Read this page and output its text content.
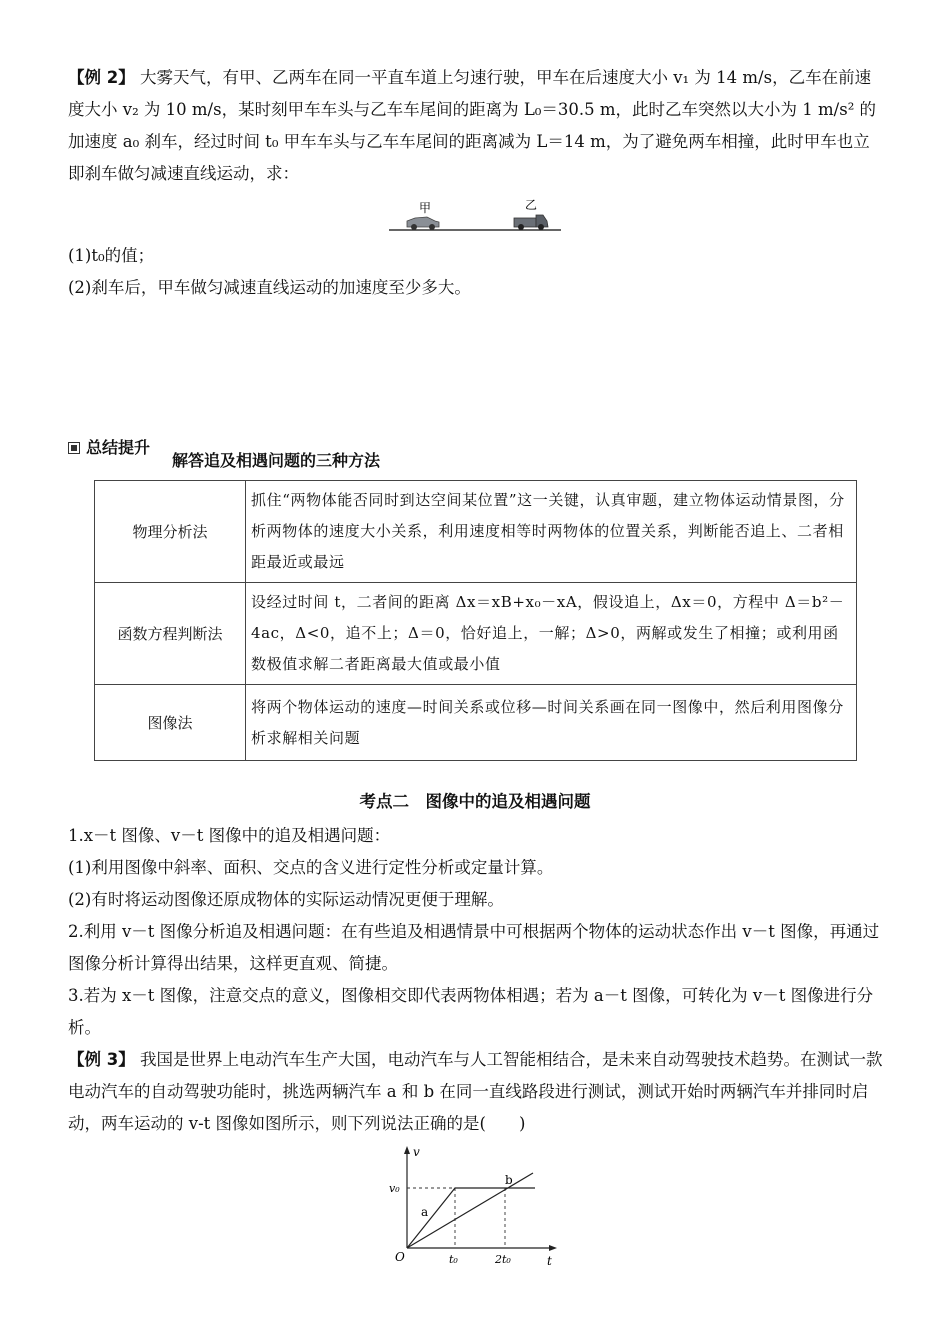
【例 2】 大雾天气，有甲、乙两车在同一平直车道上匀速行驶，甲车在后速度大小 v₁ 为 14 m/s，乙车在前速度大小 v₂ 为 10 m/s，某时刻甲车车头与乙车车尾间的距离为 L₀＝30.5 m，此时乙车突然以大小为 1 m/s² 的加速度 a₀ 刹车，经过时间 t₀ 甲车车头与乙车车尾间的距离减为 L＝14 m，为了避免两车相撞，此时甲车也立即刹车做匀减速直线运动，求：
甲	乙
(1)t₀的值；
(2)刹车后，甲车做匀减速直线运动的加速度至少多大。
总结提升
解答追及相遇问题的三种方法
物理分析法	抓住“两物体能否同时到达空间某位置”这一关键，认真审题，建立物体运动情景图，分析两物体的速度大小关系，利用速度相等时两物体的位置关系，判断能否追上、二者相距最近或最远
函数方程判断法	设经过时间 t，二者间的距离 Δx＝xB+x₀－xA，假设追上，Δx＝0，方程中 Δ＝b²－4ac，Δ<0，追不上；Δ＝0，恰好追上，一解；Δ>0，两解或发生了相撞；或利用函数极值求解二者距离最大值或最小值
图像法	将两个物体运动的速度—时间关系或位移—时间关系画在同一图像中，然后利用图像分析求解相关问题
考点二　图像中的追及相遇问题
1.x－t 图像、v－t 图像中的追及相遇问题：
(1)利用图像中斜率、面积、交点的含义进行定性分析或定量计算。
(2)有时将运动图像还原成物体的实际运动情况更便于理解。
2.利用 v－t 图像分析追及相遇问题：在有些追及相遇情景中可根据两个物体的运动状态作出 v－t 图像，再通过图像分析计算得出结果，这样更直观、简捷。
3.若为 x－t 图像，注意交点的意义，图像相交即代表两物体相遇；若为 a－t 图像，可转化为 v－t 图像进行分析。
【例 3】 我国是世界上电动汽车生产大国，电动汽车与人工智能相结合，是未来自动驾驶技术趋势。在测试一款电动汽车的自动驾驶功能时，挑选两辆汽车 a 和 b 在同一直线路段进行测试，测试开始时两辆汽车并排同时启动，两车运动的 v-t 图像如图所示，则下列说法正确的是(　　)
v
t
O
v₀
t₀	2t₀
a
b
